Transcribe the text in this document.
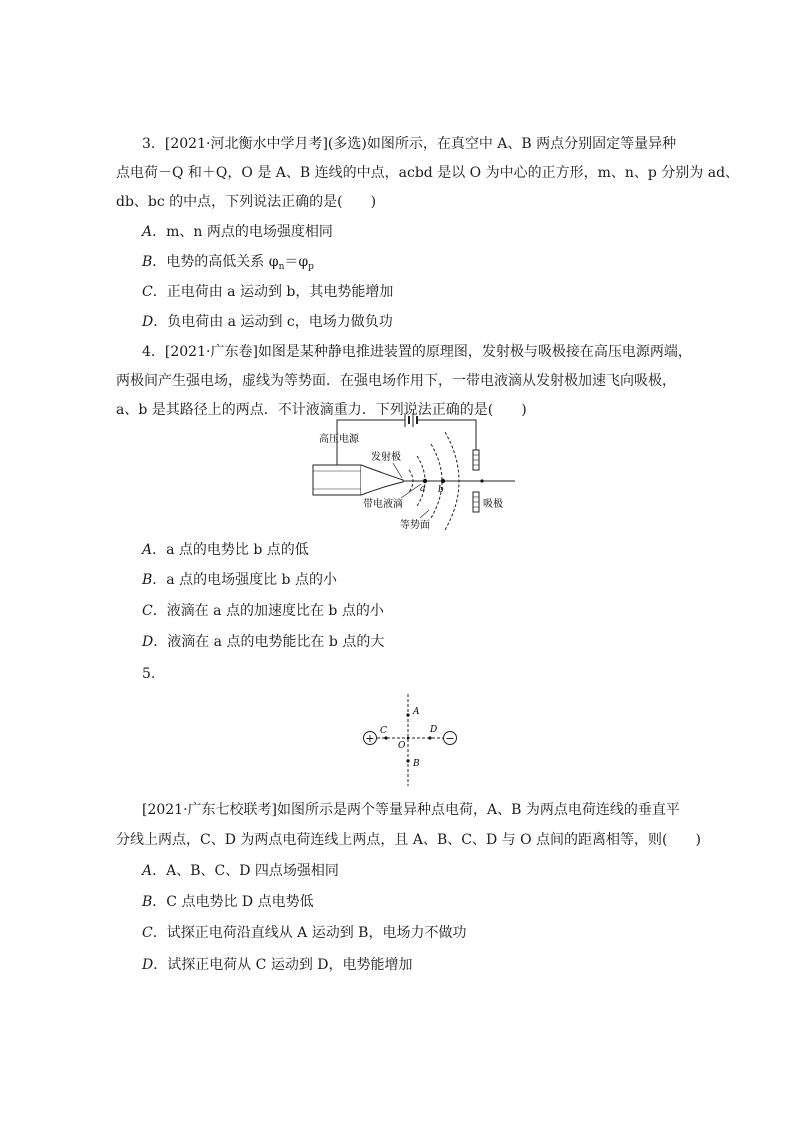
3．[2021·河北衡水中学月考](多选)如图所示，在真空中 A、B 两点分别固定等量异种
点电荷－Q 和＋Q，O 是 A、B 连线的中点，acbd 是以 O 为中心的正方形，m、n、p 分别为 ad、
db、bc 的中点，下列说法正确的是(　　)
A．m、n 两点的电场强度相同
B．电势的高低关系 $\varphi_n=\varphi_p$
C．正电荷由 a 运动到 b，其电势能增加
D．负电荷由 a 运动到 c，电场力做负功
4．[2021·广东卷]如图是某种静电推进装置的原理图，发射极与吸极接在高压电源两端，
两极间产生强电场，虚线为等势面．在强电场作用下，一带电液滴从发射极加速飞向吸极，
a、b 是其路径上的两点．不计液滴重力．下列说法正确的是(　　)
高压电源
a b
发射极
带电液滴
等势面
吸极
A．a 点的电势比 b 点的低
B．a 点的电场强度比 b 点的小
C．液滴在 a 点的加速度比在 b 点的小
D．液滴在 a 点的电势能比在 b 点的大
5.
+	−
A
B
C	D
O
[2021·广东七校联考]如图所示是两个等量异种点电荷，A、B 为两点电荷连线的垂直平
分线上两点，C、D 为两点电荷连线上两点，且 A、B、C、D 与 O 点间的距离相等，则(　　)
A．A、B、C、D 四点场强相同
B．C 点电势比 D 点电势低
C．试探正电荷沿直线从 A 运动到 B，电场力不做功
D．试探正电荷从 C 运动到 D，电势能增加
